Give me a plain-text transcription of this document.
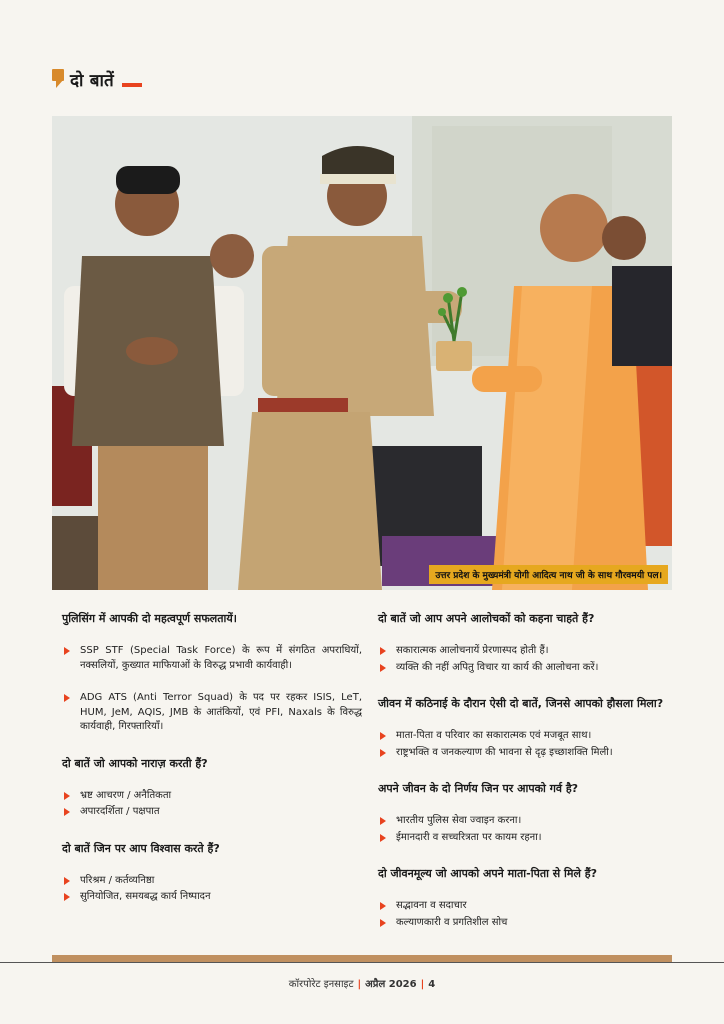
दो बातें
उत्तर प्रदेश के मुख्यमंत्री योगी आदित्य नाथ जी के साथ गौरवमयी पल।
पुलिसिंग में आपकी दो महत्वपूर्ण सफलतायें।
SSP STF (Special Task Force) के रूप में संगठित अपराधियों, नक्सलियों, कुख्यात माफियाओं के विरुद्ध प्रभावी कार्यवाही।
ADG ATS (Anti Terror Squad) के पद पर रहकर ISIS, LeT, HUM, JeM, AQIS, JMB के आतंकियों, एवं PFI, Naxals के विरुद्ध कार्यवाही, गिरफ्तारियाँ।
दो बातें जो आपको नाराज़ करती हैं?
भ्रष्ट आचरण / अनैतिकता
अपारदर्शिता / पक्षपात
दो बातें जिन पर आप विश्वास करते हैं?
परिश्रम / कर्तव्यनिष्ठा
सुनियोजित, समयबद्ध कार्य निष्पादन
दो बातें जो आप अपने आलोचकों को कहना चाहते हैं?
सकारात्मक आलोचनायें प्रेरणास्पद होती हैं।
व्यक्ति की नहीं अपितु विचार या कार्य की आलोचना करें।
जीवन में कठिनाई के दौरान ऐसी दो बातें, जिनसे आपको हौसला मिला?
माता-पिता व परिवार का सकारात्मक एवं मजबूत साथ।
राष्ट्रभक्ति व जनकल्याण की भावना से दृढ़ इच्छाशक्ति मिली।
अपने जीवन के दो निर्णय जिन पर आपको गर्व है?
भारतीय पुलिस सेवा ज्वाइन करना।
ईमानदारी व सच्चरित्रता पर कायम रहना।
दो जीवनमूल्य जो आपको अपने माता-पिता से मिले हैं?
सद्भावना व सदाचार
कल्याणकारी व प्रगतिशील सोच
कॉरपोरेट इनसाइट | अप्रैल 2026 | 4
